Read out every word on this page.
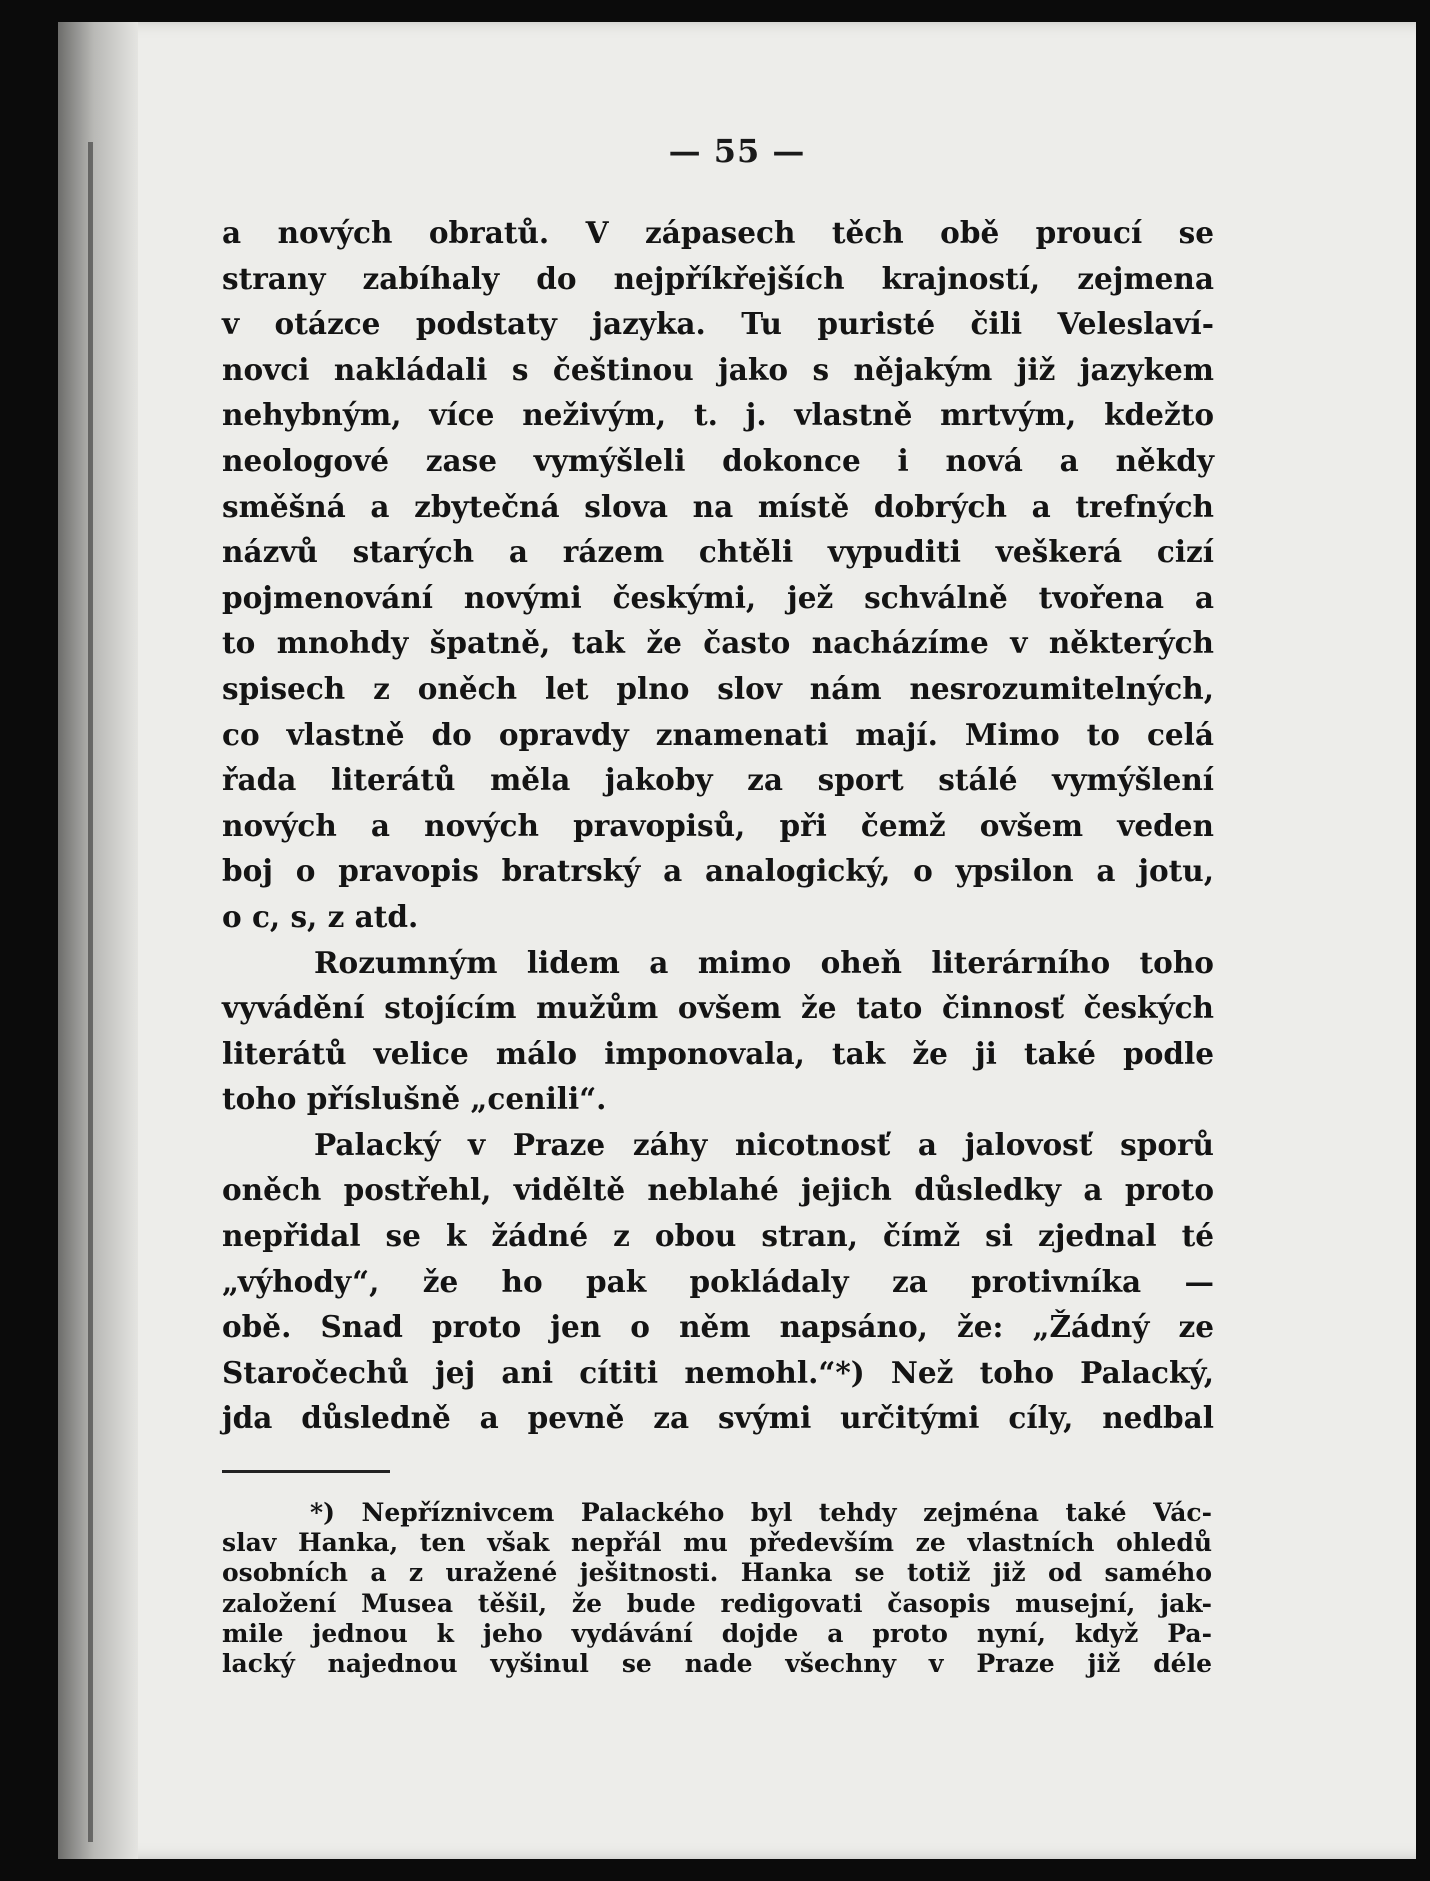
— 55 —
a nových obratů. V zápasech těch obě proucí se
strany zabíhaly do nejpříkřejších krajností, zejmena
v otázce podstaty jazyka. Tu puristé čili Veleslaví-
novci nakládali s češtinou jako s nějakým již jazykem
nehybným, více neživým, t. j. vlastně mrtvým, kdežto
neologové zase vymýšleli dokonce i nová a někdy
směšná a zbytečná slova na místě dobrých a trefných
názvů starých a rázem chtěli vypuditi veškerá cizí
pojmenování novými českými, jež schválně tvořena a
to mnohdy špatně, tak že často nacházíme v některých
spisech z oněch let plno slov nám nesrozumitelných,
co vlastně do opravdy znamenati mají. Mimo to celá
řada literátů měla jakoby za sport stálé vymýšlení
nových a nových pravopisů, při čemž ovšem veden
boj o pravopis bratrský a analogický, o ypsilon a jotu,
o c, s, z atd.
Rozumným lidem a mimo oheň literárního toho
vyvádění stojícím mužům ovšem že tato činnosť českých
literátů velice málo imponovala, tak že ji také podle
toho příslušně „cenili“.
Palacký v Praze záhy nicotnosť a jalovosť sporů
oněch postřehl, viděltě neblahé jejich důsledky a proto
nepřidal se k žádné z obou stran, čímž si zjednal té
„výhody“, že ho pak pokládaly za protivníka —
obě. Snad proto jen o něm napsáno, že: „Žádný ze
Staročechů jej ani cítiti nemohl.“*) Než toho Palacký,
jda důsledně a pevně za svými určitými cíly, nedbal
*) Nepříznivcem Palackého byl tehdy zejména také Vác-
slav Hanka, ten však nepřál mu především ze vlastních ohledů
osobních a z uražené ješitnosti. Hanka se totiž již od samého
založení Musea těšil, že bude redigovati časopis musejní, jak-
mile jednou k jeho vydávání dojde a proto nyní, když Pa-
lacký najednou vyšinul se nade všechny v Praze již déle
